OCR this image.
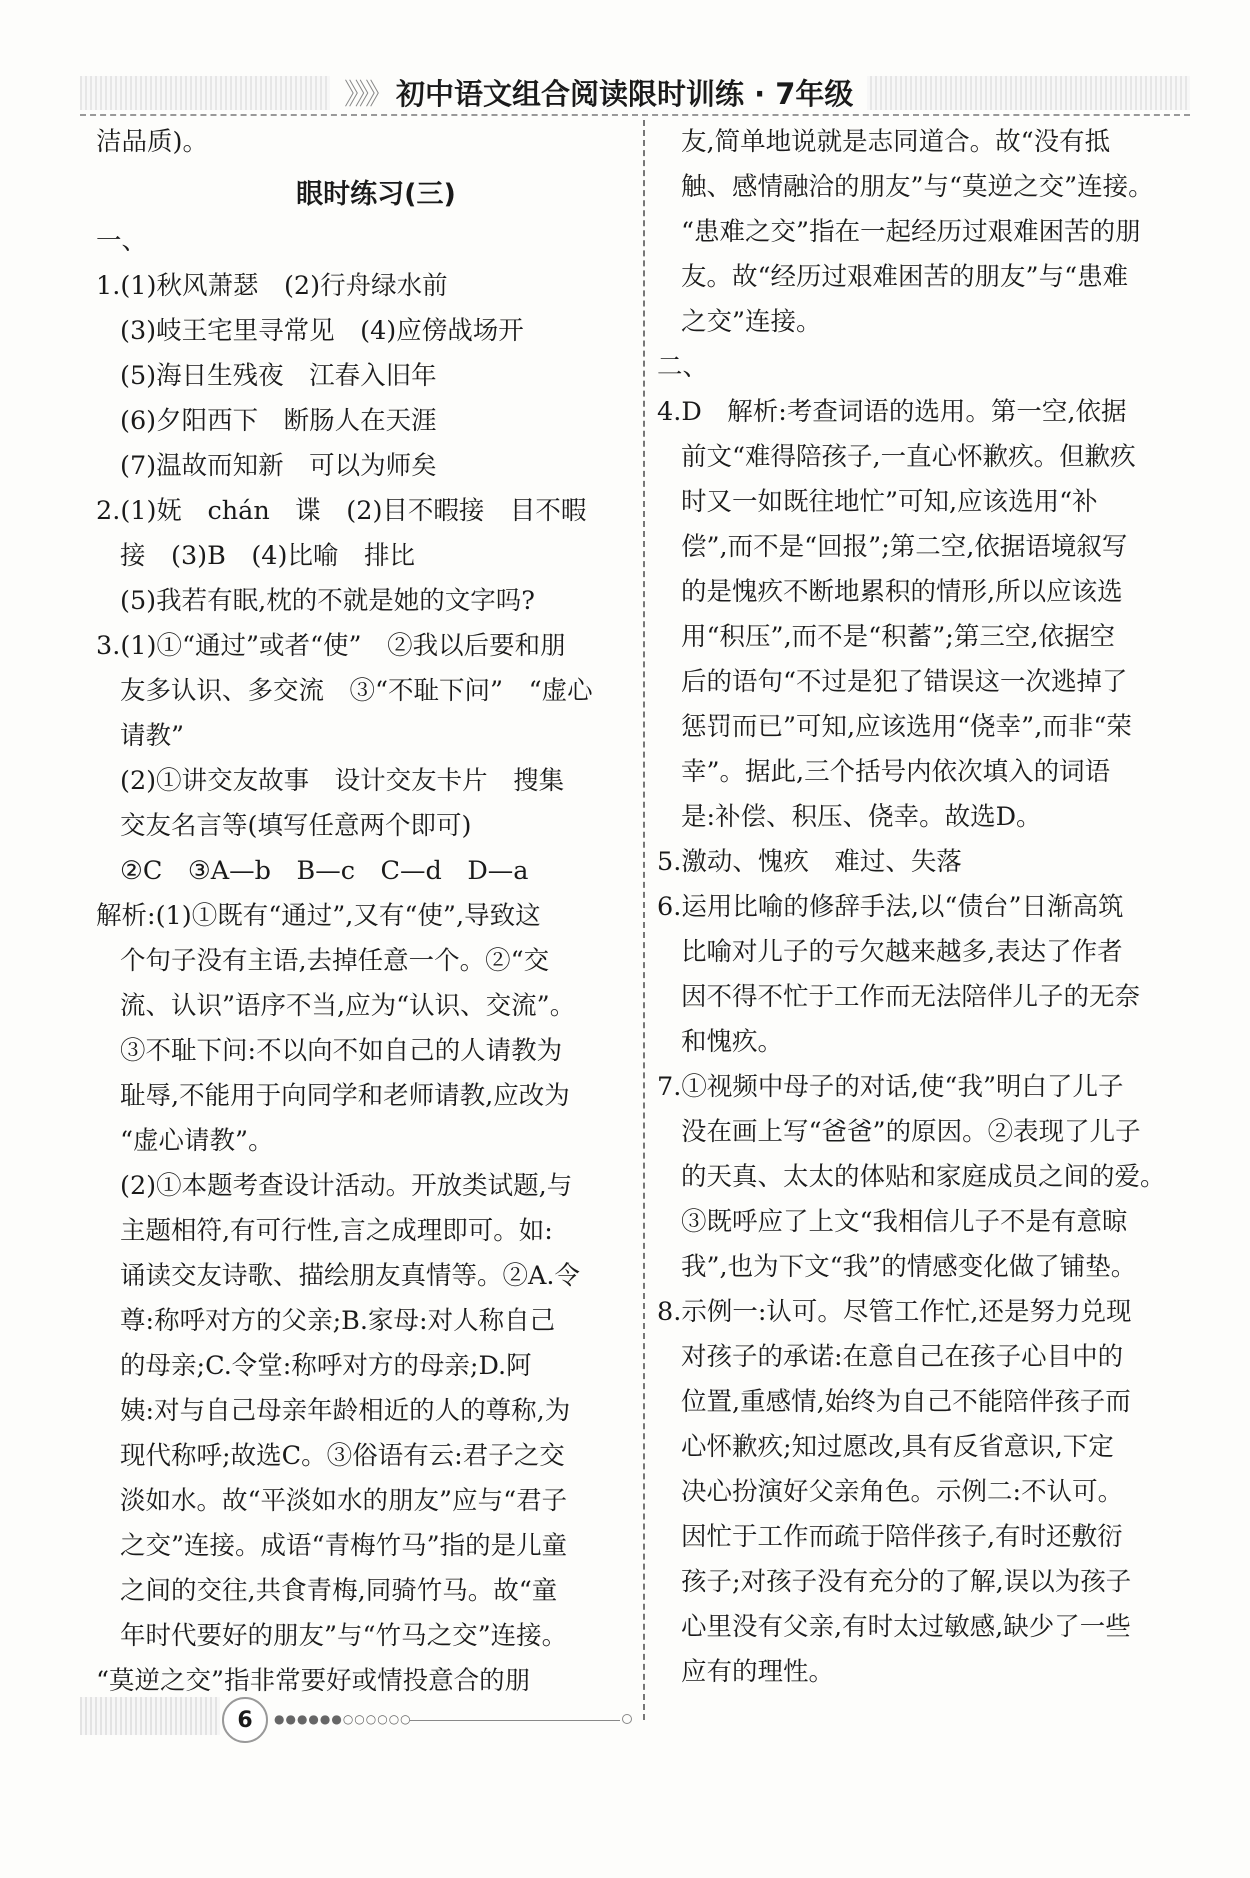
》》》 初中语文组合阅读限时训练 · 7年级
洁品质)。
眼时练习(三)
一、
1.(1)秋风萧瑟　(2)行舟绿水前
(3)岐王宅里寻常见　(4)应傍战场开
(5)海日生残夜　江春入旧年
(6)夕阳西下　断肠人在天涯
(7)温故而知新　可以为师矣
2.(1)妩　chán　谍　(2)目不暇接　目不暇
接　(3)B　(4)比喻　排比
(5)我若有眠,枕的不就是她的文字吗?
3.(1)①“通过”或者“使”　②我以后要和朋
友多认识、多交流　③“不耻下问”　“虚心
请教”
(2)①讲交友故事　设计交友卡片　搜集
交友名言等(填写任意两个即可)
②C　③A—b　B—c　C—d　D—a
解析:(1)①既有“通过”,又有“使”,导致这
个句子没有主语,去掉任意一个。②“交
流、认识”语序不当,应为“认识、交流”。
③不耻下问:不以向不如自己的人请教为
耻辱,不能用于向同学和老师请教,应改为
“虚心请教”。
(2)①本题考查设计活动。开放类试题,与
主题相符,有可行性,言之成理即可。如:
诵读交友诗歌、描绘朋友真情等。②A.令
尊:称呼对方的父亲;B.家母:对人称自己
的母亲;C.令堂:称呼对方的母亲;D.阿
姨:对与自己母亲年龄相近的人的尊称,为
现代称呼;故选C。③俗语有云:君子之交
淡如水。故“平淡如水的朋友”应与“君子
之交”连接。成语“青梅竹马”指的是儿童
之间的交往,共食青梅,同骑竹马。故“童
年时代要好的朋友”与“竹马之交”连接。
“莫逆之交”指非常要好或情投意合的朋
友,简单地说就是志同道合。故“没有抵
触、感情融洽的朋友”与“莫逆之交”连接。
“患难之交”指在一起经历过艰难困苦的朋
友。故“经历过艰难困苦的朋友”与“患难
之交”连接。
二、
4.D　解析:考查词语的选用。第一空,依据
前文“难得陪孩子,一直心怀歉疚。但歉疚
时又一如既往地忙”可知,应该选用“补
偿”,而不是“回报”;第二空,依据语境叙写
的是愧疚不断地累积的情形,所以应该选
用“积压”,而不是“积蓄”;第三空,依据空
后的语句“不过是犯了错误这一次逃掉了
惩罚而已”可知,应该选用“侥幸”,而非“荣
幸”。据此,三个括号内依次填入的词语
是:补偿、积压、侥幸。故选D。
5.激动、愧疚　难过、失落
6.运用比喻的修辞手法,以“债台”日渐高筑
比喻对儿子的亏欠越来越多,表达了作者
因不得不忙于工作而无法陪伴儿子的无奈
和愧疚。
7.①视频中母子的对话,使“我”明白了儿子
没在画上写“爸爸”的原因。②表现了儿子
的天真、太太的体贴和家庭成员之间的爱。
③既呼应了上文“我相信儿子不是有意晾
我”,也为下文“我”的情感变化做了铺垫。
8.示例一:认可。尽管工作忙,还是努力兑现
对孩子的承诺:在意自己在孩子心目中的
位置,重感情,始终为自己不能陪伴孩子而
心怀歉疚;知过愿改,具有反省意识,下定
决心扮演好父亲角色。示例二:不认可。
因忙于工作而疏于陪伴孩子,有时还敷衍
孩子;对孩子没有充分的了解,误以为孩子
心里没有父亲,有时太过敏感,缺少了一些
应有的理性。
6	●●●●●●○○○○○○
